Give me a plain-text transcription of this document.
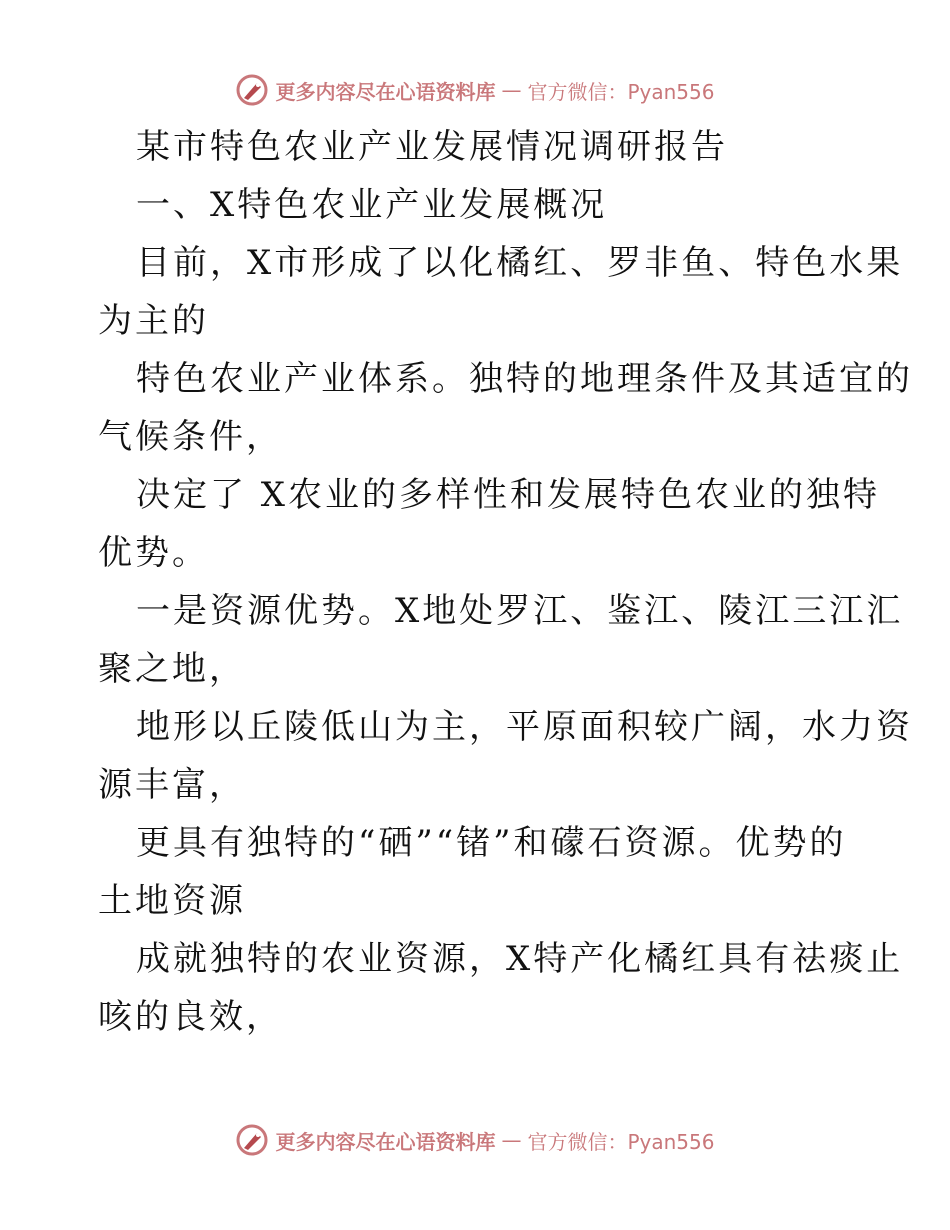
更多内容尽在心语资料库 — 官方微信：Pyan556
某市特色农业产业发展情况调研报告
一、X特色农业产业发展概况
目前，X市形成了以化橘红、罗非鱼、特色水果
为主的
特色农业产业体系。独特的地理条件及其适宜的
气候条件，
决定了 X农业的多样性和发展特色农业的独特
优势。
一是资源优势。X地处罗江、鉴江、陵江三江汇
聚之地，
地形以丘陵低山为主，平原面积较广阔，水力资
源丰富，
更具有独特的“硒”“锗”和礞石资源。优势的
土地资源
成就独特的农业资源，X特产化橘红具有祛痰止
咳的良效，
更多内容尽在心语资料库 — 官方微信：Pyan556
